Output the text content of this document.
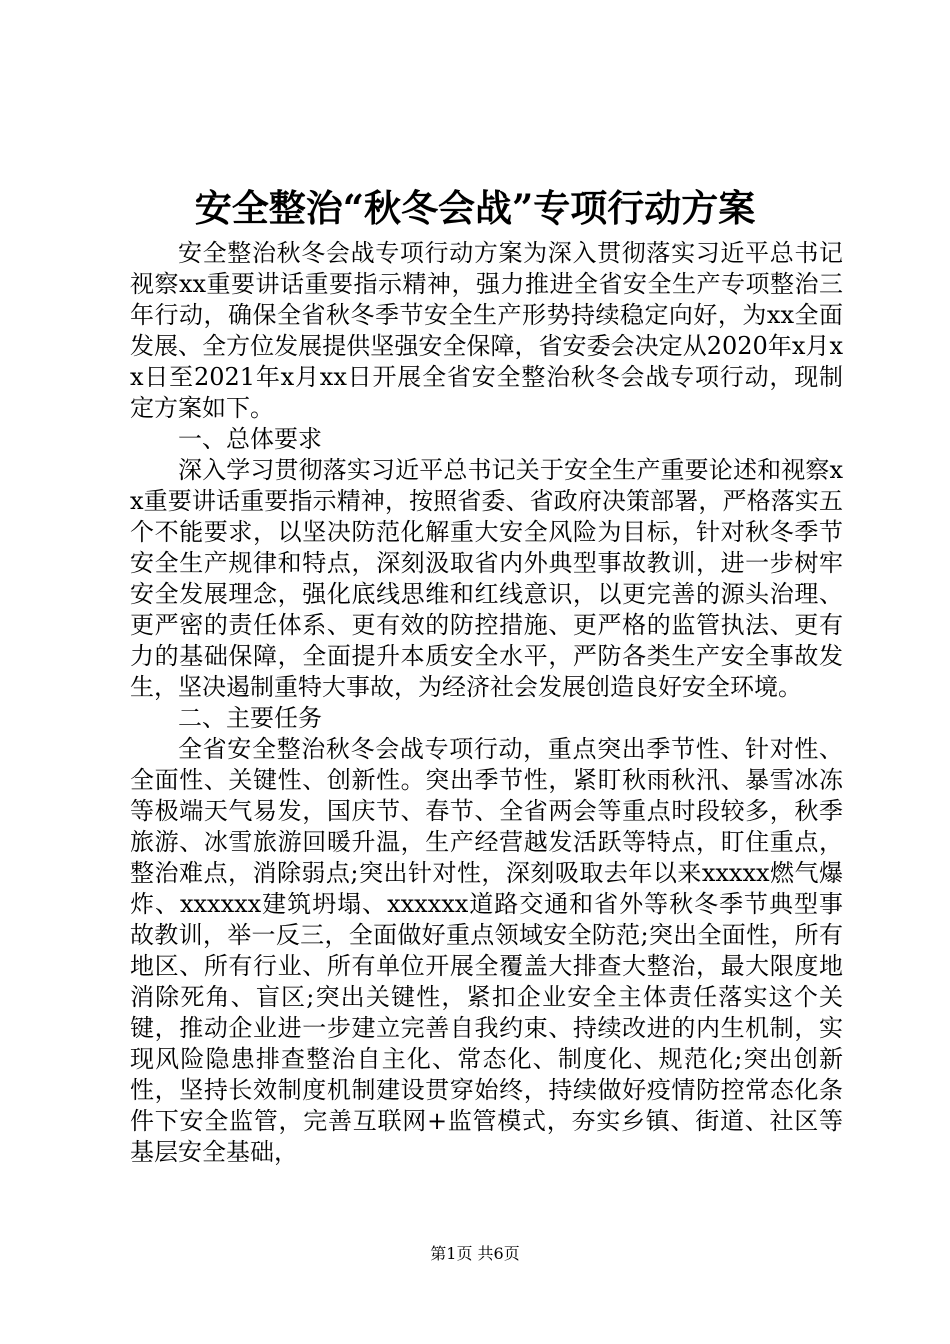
安全整治“秋冬会战”专项行动方案

安全整治秋冬会战专项行动方案为深入贯彻落实习近平总书记视察xx重要讲话重要指示精神，强力推进全省安全生产专项整治三年行动，确保全省秋冬季节安全生产形势持续稳定向好，为xx全面发展、全方位发展提供坚强安全保障，省安委会决定从2020年x月xx日至2021年x月xx日开展全省安全整治秋冬会战专项行动，现制定方案如下。

一、总体要求

深入学习贯彻落实习近平总书记关于安全生产重要论述和视察xx重要讲话重要指示精神，按照省委、省政府决策部署，严格落实五个不能要求，以坚决防范化解重大安全风险为目标，针对秋冬季节安全生产规律和特点，深刻汲取省内外典型事故教训，进一步树牢安全发展理念，强化底线思维和红线意识，以更完善的源头治理、更严密的责任体系、更有效的防控措施、更严格的监管执法、更有力的基础保障，全面提升本质安全水平，严防各类生产安全事故发生，坚决遏制重特大事故，为经济社会发展创造良好安全环境。

二、主要任务

全省安全整治秋冬会战专项行动，重点突出季节性、针对性、全面性、关键性、创新性。突出季节性，紧盯秋雨秋汛、暴雪冰冻等极端天气易发，国庆节、春节、全省两会等重点时段较多，秋季旅游、冰雪旅游回暖升温，生产经营越发活跃等特点，盯住重点，整治难点，消除弱点;突出针对性，深刻吸取去年以来xxxxx燃气爆炸、xxxxxx建筑坍塌、xxxxxx道路交通和省外等秋冬季节典型事故教训，举一反三，全面做好重点领域安全防范;突出全面性，所有地区、所有行业、所有单位开展全覆盖大排查大整治，最大限度地消除死角、盲区;突出关键性，紧扣企业安全主体责任落实这个关键，推动企业进一步建立完善自我约束、持续改进的内生机制，实现风险隐患排查整治自主化、常态化、制度化、规范化;突出创新性，坚持长效制度机制建设贯穿始终，持续做好疫情防控常态化条件下安全监管，完善互联网+监管模式，夯实乡镇、街道、社区等基层安全基础，

第1页 共6页
